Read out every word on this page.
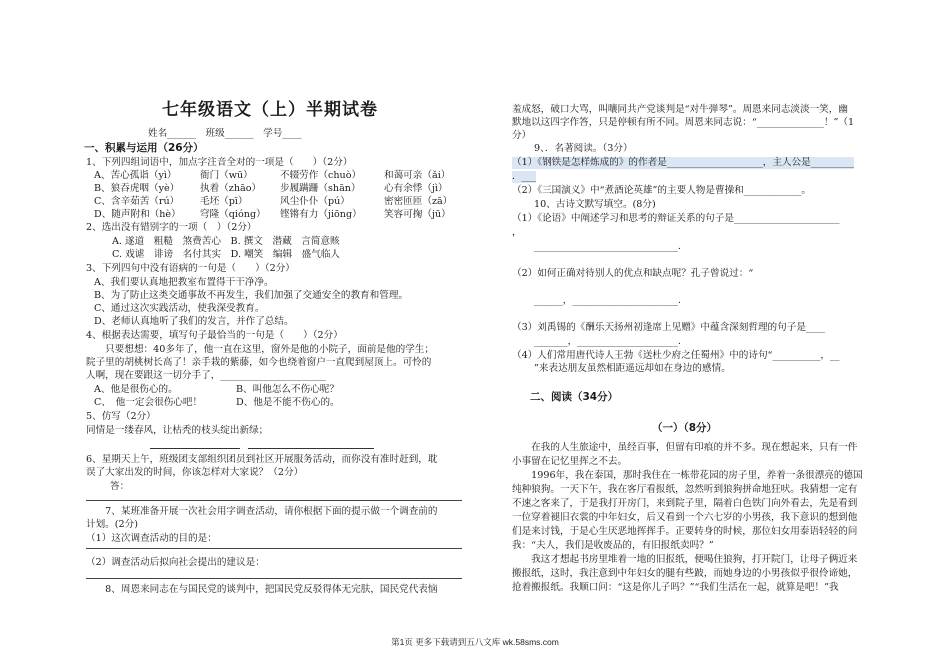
七年级语文（上）半期试卷
姓名______　班级______　学号____
一、积累与运用（26分）
1、下列四组词语中，加点字注音全对的一项是（　　）（2分）
A、苦心孤诣（yì） 衙门（wū）	不辍劳作（chuò） 和蔼可亲（ǎi）
B、狼吞虎咽（yè） 执着（zhāo） 步履蹒跚（shān） 心有余悸（jì）
C、含辛茹苦（rú） 毛坯（pī）	风尘仆仆（pú）	密密匝匝（zā）
D、随声附和（hè） 穹隆（qióng） 铿锵有力（jiōng） 笑容可掬（jū）
2、选出没有错别字的一项（　）（2分）
A. 遂道　粗糙　煞费苦心　B. 撰文　潜藏　言简意赅
C. 戏谑　诽谤　名付其实　D. 嘲笑　编辑　盛气临人
3、下列四句中没有语病的一句是（　　）（2分）
A、我们要认真地把教室布置得干干净净。
B、为了防止这类交通事故不再发生，我们加强了交通安全的教育和管理。
C、通过这次实践活动，使我深受教育。
D、老师认真地听了我们的发言，并作了总结。
4、根据表达需要，填写句子最恰当的一句是（　　）（2分）
　　只要想想：40多年了，他一直在这里，窗外是他的小院子，面前是他的学生；
院子里的胡桃树长高了！亲手栽的紫藤，如今也绕着窗户一直爬到屋顶上。可怜的
人啊，现在要跟这一切分手了，______________________
A、他是很伤心的。	B、叫他怎么不伤心呢？
C、　他一定会很伤心吧！	D、他是不能不伤心的。
5、仿写（2分）
同情是一缕春风，让枯秃的枝头绽出新绿；
6、星期天上午，班级团支部组织团员到社区开展服务活动，而你没有准时赶到，耽
误了大家出发的时间，你该怎样对大家说？（2分）
答：
　　7、某班准备开展一次社会用字调查活动，请你根据下面的提示做一个调查前的
计划。(2分)
（1）这次调查活动的目的是：
（2）调查活动后拟向社会提出的建议是：
　　8、周恩来同志在与国民党的谈判中，把国民党反驳得体无完肤，国民党代表恼
羞成怒，破口大骂，叫嚷同共产党谈判是“对牛弹琴”。周恩来同志淡淡一笑，幽
默地以这四字作答，只是停顿有所不同。周恩来同志说：“______________！”（1
分）
9、．名著阅读。（3分）
（1）《钢铁是怎样炼成的》的作者是____________________，主人公是_________
．___
（2）《三国演义》中“煮酒论英雄”的主要人物是曹操和____________。
10、古诗文默写填空。(8分)
（1）《论语》中阐述学习和思考的辩证关系的句子是______________________
，
______________________________.
（2）如何正确对待别人的优点和缺点呢？孔子曾说过：“
______，______________________.
（3）刘禹锡的《酬乐天扬州初逢席上见赠》中蕴含深刻哲理的句子是____
_______，_____________________.
（4）人们常用唐代诗人王勃《送杜少府之任蜀州》中的诗句“__________，__
”来表达朋友虽然相距遥远却如在身边的感情。
二、阅读（34分）
（一）（8分）
　　在我的人生旅途中，虽经百事，但留有印痕的并不多。现在想起来，只有一件
小事留在记忆里挥之不去。
　　1996年，我在泰国，那时我住在一栋带花园的房子里，养着一条很漂亮的德国
纯种狼狗。一天下午，我在客厅看报纸，忽然听到狼狗拼命地狂吠。我猜想一定有
不速之客来了，于是我打开房门，来到院子里，隔着白色铁门向外看去，先是看到
一位穿着褪旧衣裳的中年妇女，后又看到一个六七岁的小男孩，我下意识的想到他
们是来讨钱，于是心生厌恶地挥挥手。正要转身的时候，那位妇女用泰语轻轻的问
我：“夫人，我们是收废品的，有旧报纸卖吗？”
　　我这才想起书房里堆着一地的旧报纸，便喝住狼狗，打开院门，让母子俩近来
搬报纸，这时，我注意到中年妇女的腿有些跛，而她身边的小男孩似乎很伶谛她，
抢着搬报纸。我顺口问：“这是你儿子吗？”“我们生活在一起，就算是吧！”我
第1页 更多下载请到五八文库 wk.58sms.com
